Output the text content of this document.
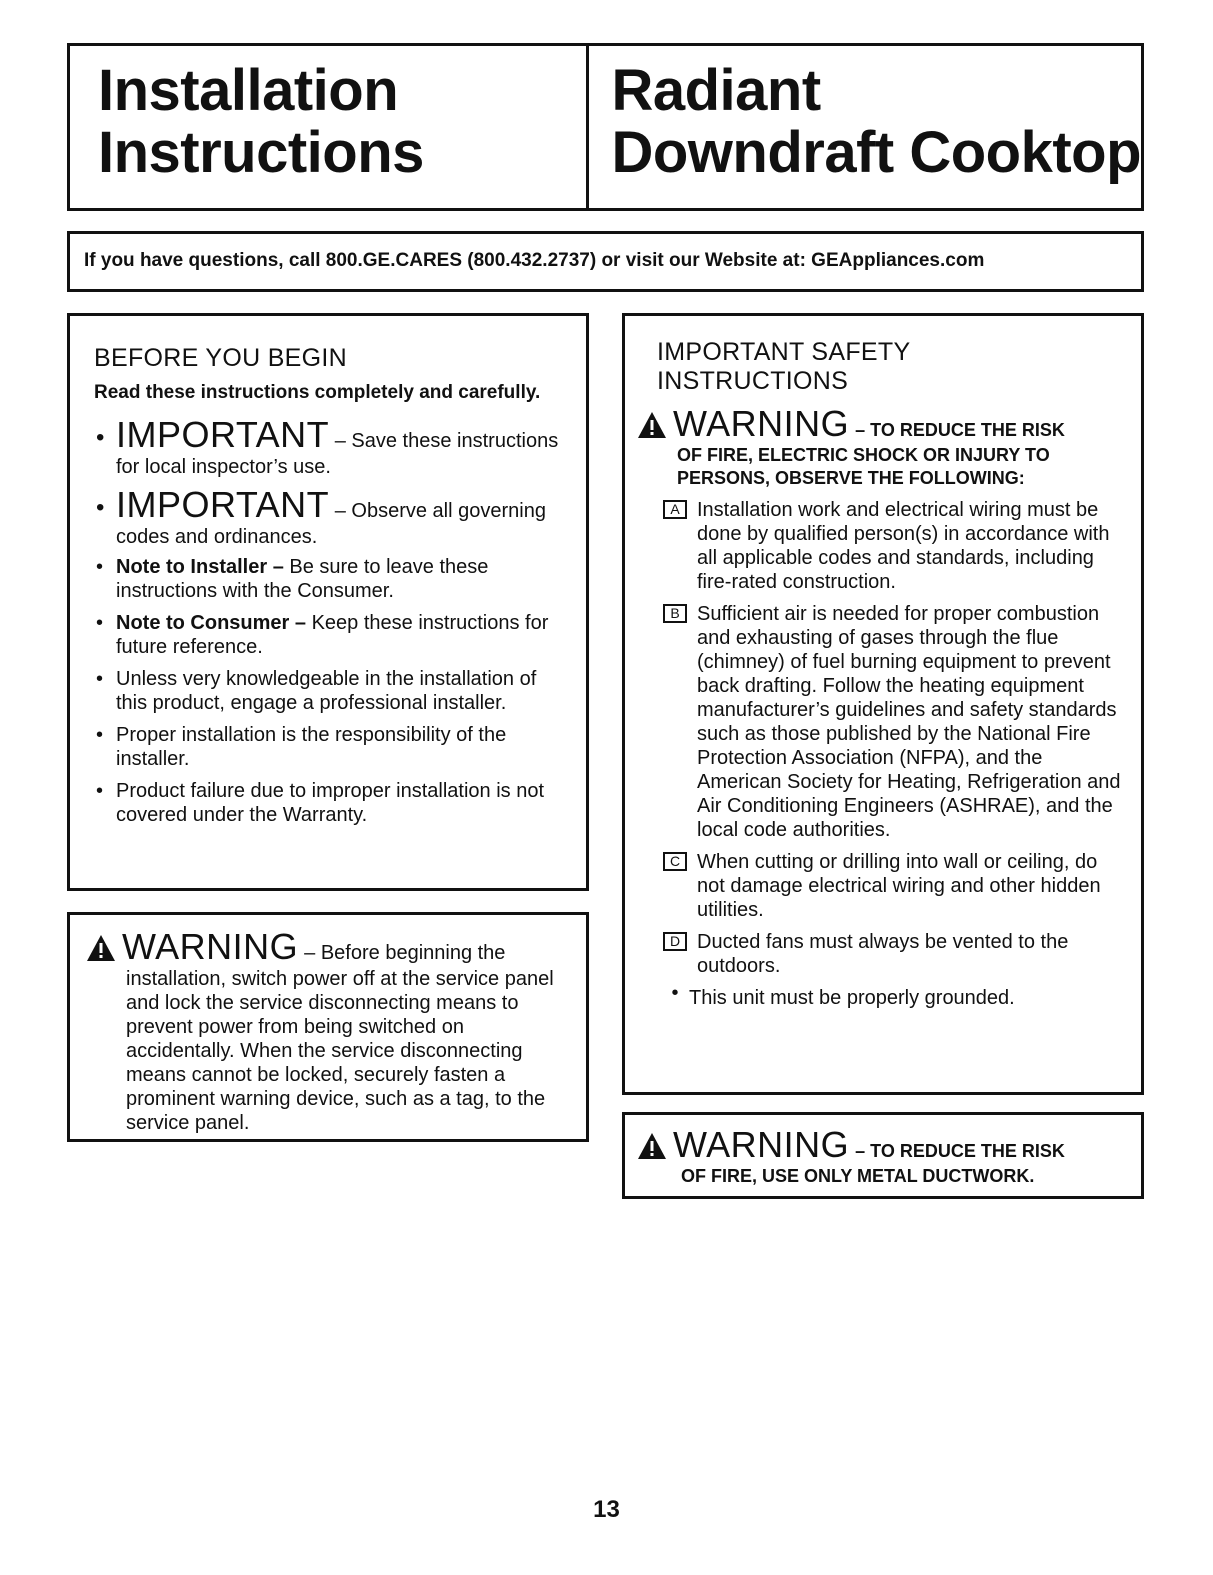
Installation
Instructions
Radiant
Downdraft Cooktop
If you have questions, call 800.GE.CARES (800.432.2737) or visit our Website at: GEAppliances.com
BEFORE YOU BEGIN
Read these instructions completely and carefully.
• IMPORTANT – Save these instructions for local inspector’s use.
• IMPORTANT – Observe all governing codes and ordinances.
• Note to Installer – Be sure to leave these instructions with the Consumer.
• Note to Consumer – Keep these instructions for future reference.
• Unless very knowledgeable in the installation of this product, engage a professional installer.
• Proper installation is the responsibility of the installer.
• Product failure due to improper installation is not covered under the Warranty.
WARNING – Before beginning the
installation, switch power off at the service panel and lock the service disconnecting means to prevent power from being switched on accidentally. When the service disconnecting means cannot be locked, securely fasten a prominent warning device, such as a tag, to the service panel.
IMPORTANT SAFETY
INSTRUCTIONS
WARNING – TO REDUCE THE RISK
OF FIRE, ELECTRIC SHOCK OR INJURY TO PERSONS, OBSERVE THE FOLLOWING:
A Installation work and electrical wiring must be done by qualified person(s) in accordance with all applicable codes and standards, including fire-rated construction.
B Sufficient air is needed for proper combustion and exhausting of gases through the flue (chimney) of fuel burning equipment to prevent back drafting. Follow the heating equipment manufacturer’s guidelines and safety standards such as those published by the National Fire Protection Association (NFPA), and the American Society for Heating, Refrigeration and Air Conditioning Engineers (ASHRAE), and the local code authorities.
C When cutting or drilling into wall or ceiling, do not damage electrical wiring and other hidden utilities.
D Ducted fans must always be vented to the outdoors.
• This unit must be properly grounded.
WARNING – TO REDUCE THE RISK
OF FIRE, USE ONLY METAL DUCTWORK.
13
